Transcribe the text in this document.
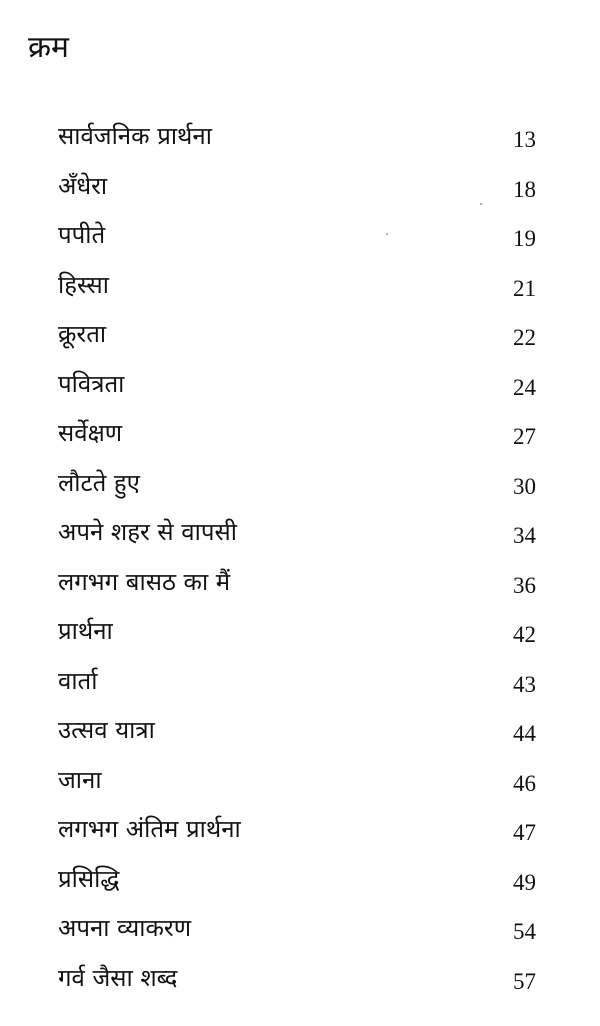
क्रम
सार्वजनिक प्रार्थना	13
अँधेरा	18
पपीते	19
हिस्सा	21
क्रूरता	22
पवित्रता	24
सर्वेक्षण	27
लौटते हुए	30
अपने शहर से वापसी	34
लगभग बासठ का मैं	36
प्रार्थना	42
वार्ता	43
उत्सव यात्रा	44
जाना	46
लगभग अंतिम प्रार्थना	47
प्रसिद्धि	49
अपना व्याकरण	54
गर्व जैसा शब्द	57
